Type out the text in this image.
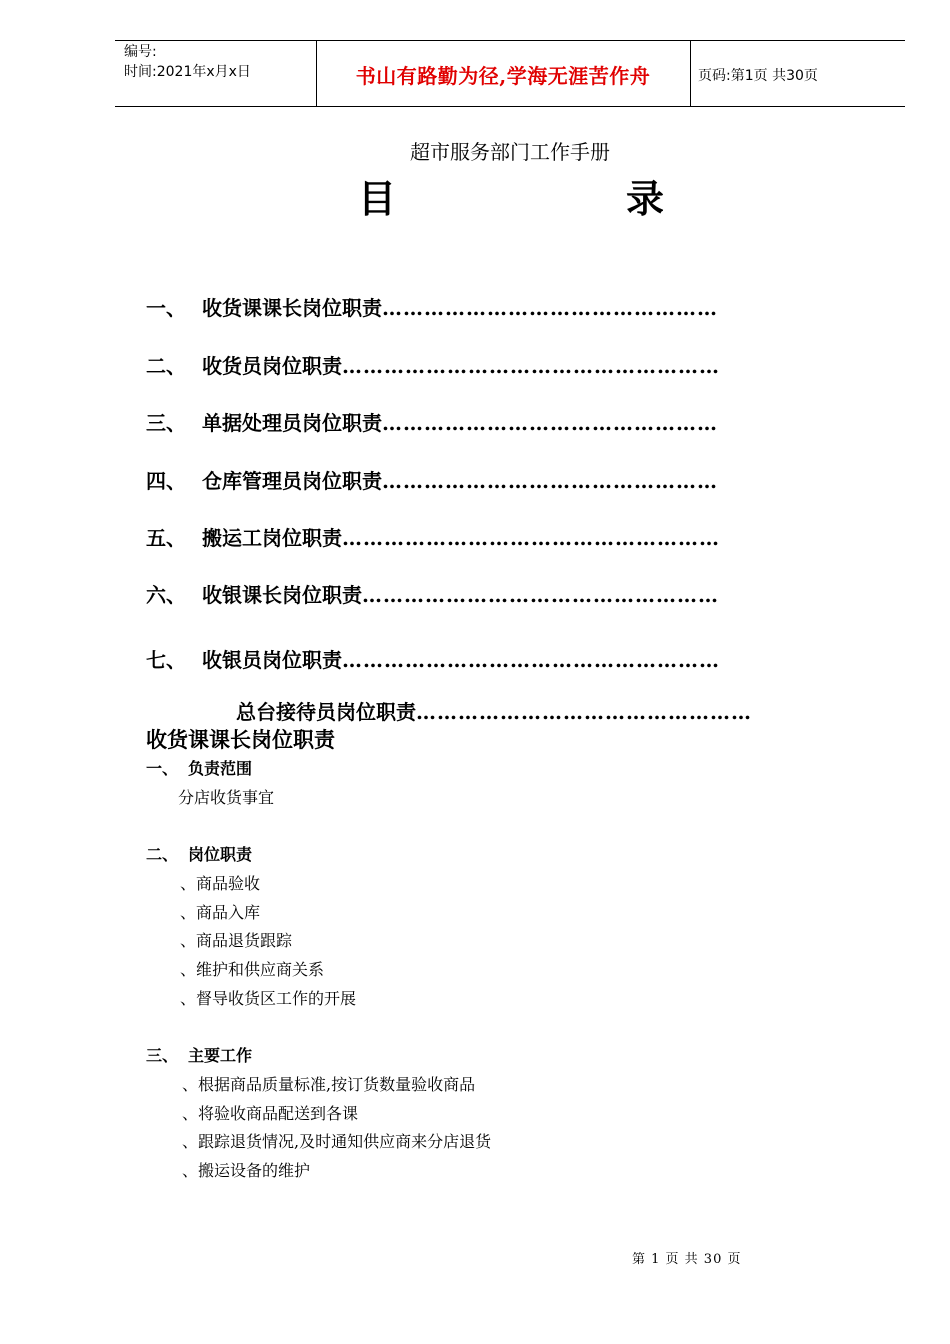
编号:
时间:2021年x月x日	书山有路勤为径,学海无涯苦作舟	页码:第1页 共30页
超市服务部门工作手册
目	录
一、 收货课课长岗位职责…………………………………………
二、 收货员岗位职责………………………………………………
三、 单据处理员岗位职责…………………………………………
四、 仓库管理员岗位职责…………………………………………
五、 搬运工岗位职责………………………………………………
六、 收银课长岗位职责……………………………………………
七、 收银员岗位职责………………………………………………
总台接待员岗位职责…………………………………………
收货课课长岗位职责
一、 负责范围
分店收货事宜
二、 岗位职责
、商品验收
、商品入库
、商品退货跟踪
、维护和供应商关系
、督导收货区工作的开展
三、 主要工作
、根据商品质量标准,按订货数量验收商品
、将验收商品配送到各课
、跟踪退货情况,及时通知供应商来分店退货
、搬运设备的维护
第 1 页 共 30 页
